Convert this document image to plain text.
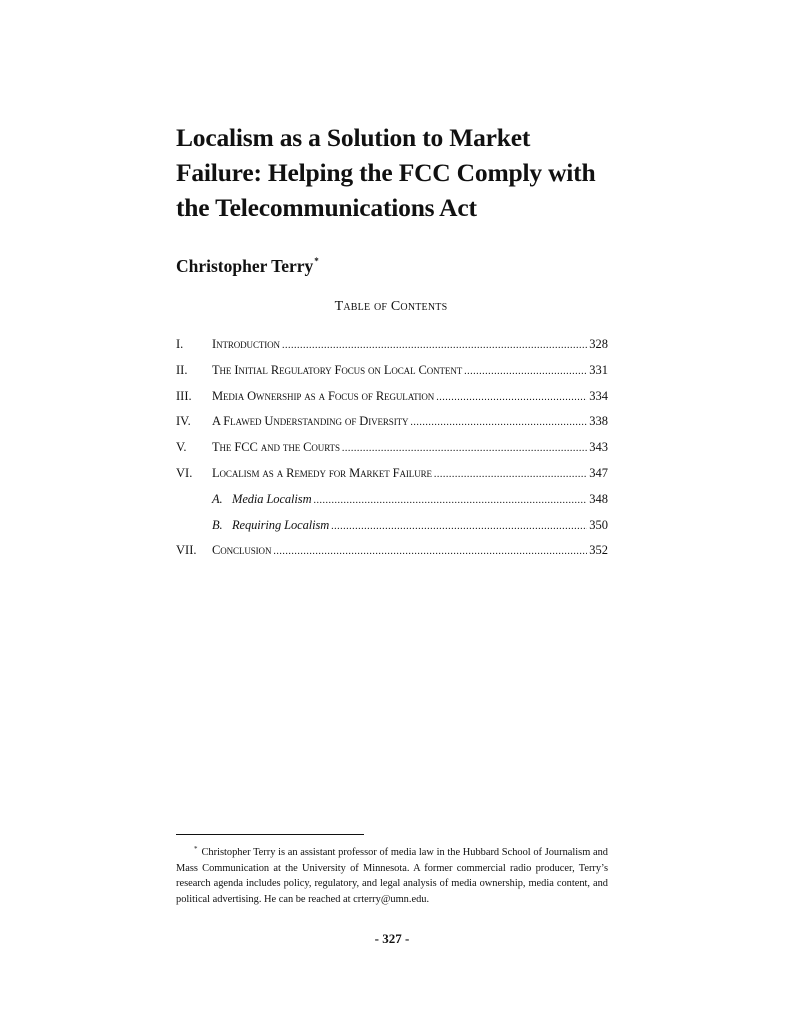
Localism as a Solution to Market
Failure: Helping the FCC Comply with
the Telecommunications Act
Christopher Terry*
Table of Contents
I.	Introduction .....	328
II.	The Initial Regulatory Focus on Local Content .....	331
III.	Media Ownership as a Focus of Regulation .....	334
IV.	A Flawed Understanding of Diversity .....	338
V.	The FCC and the Courts .....	343
VI.	Localism as a Remedy for Market Failure .....	347
A. Media Localism .....	348
B. Requiring Localism .....	350
VII.	Conclusion .....	352
* Christopher Terry is an assistant professor of media law in the Hubbard School of Journalism and Mass Communication at the University of Minnesota. A former commercial radio producer, Terry’s research agenda includes policy, regulatory, and legal analysis of media ownership, media content, and political advertising. He can be reached at crterry@umn.edu.
- 327 -
